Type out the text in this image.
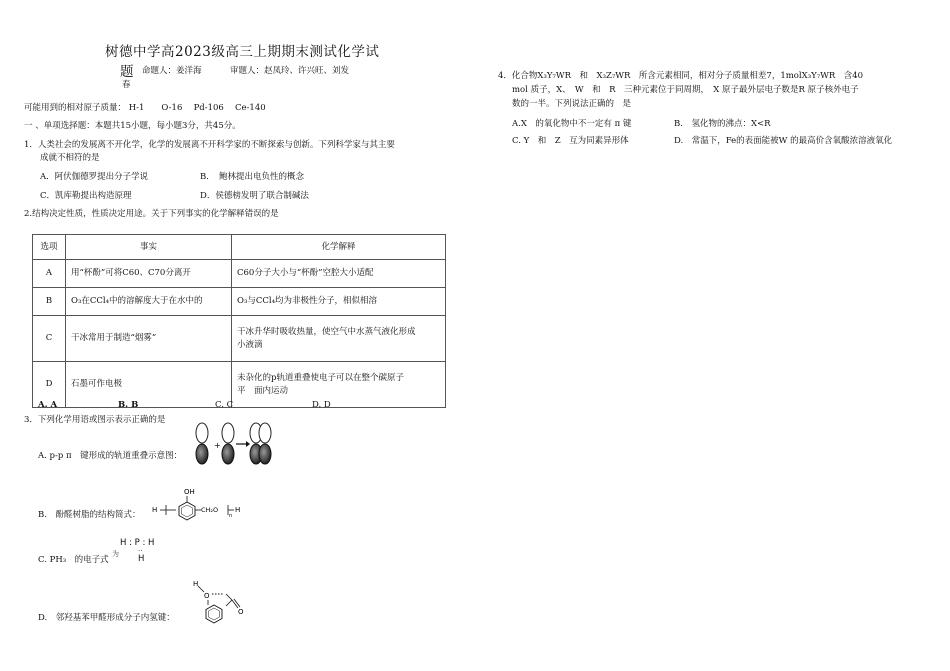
树德中学高2023级高三上期期末测试化学试
题 命题人：姜洋海	审题人：赵凤玲、许兴旺、刘发
春
可能用到的相对原子质量： H-1　　O-16　 Pd-106　 Ce-140
一 、单项选择题：本题共15小题，每小题3分，共45分。
1．人类社会的发展离不开化学，化学的发展离不开科学家的不断探索与创新。下列科学家与其主要
成就不相符的是
A．阿伏伽德罗提出分子学说	B．　鲍林提出电负性的概念
C．凯库勒提出构造原理	D．侯德榜发明了联合制碱法
2.结构决定性质，性质决定用途。关于下列事实的化学解释错误的是
选项	事实	化学解释
A	用“杯酚”可将C60、C70分离开	C60分子大小与“杯酚”空腔大小适配
B	O₃在CCl₄中的溶解度大于在水中的	O₃与CCl₄均为非极性分子，相似相溶
C	干冰常用于制造“烟雾”	干冰升华时吸收热量，使空气中水蒸气液化形成
小液滴

D	石墨可作电极	未杂化的p轨道重叠使电子可以在整个碳原子
平　面内运动
A. A	B. B	C. C	D. D
3．下列化学用语或图示表示正确的是
A. p-p π　键形成的轨道重叠示意图：
+
B.　酚醛树脂的结构简式：
OH
H	CH₂O
n
H
C. PH₃　的电子式
为
H : P : H
··
H
D.　邻羟基苯甲醛形成分子内氢键：
H
O
O
4．化合物X₃Y₇WR　和　X₃Z₇WR　所含元素相同，相对分子质量相差7，1molX₃Y₇WR　含40
mol 质子，X、　W　和　R　三种元素位于同周期，　X 原子最外层电子数是R 原子核外电子
数的一半。下列说法正确的　是
A.X　的氧化物中不一定有 π 键	B.　氢化物的沸点：X<R
C. Y　和　Z　互为同素异形体	D.　常温下，Fe的表面能被W 的最高价含氧酸浓溶液氧化
